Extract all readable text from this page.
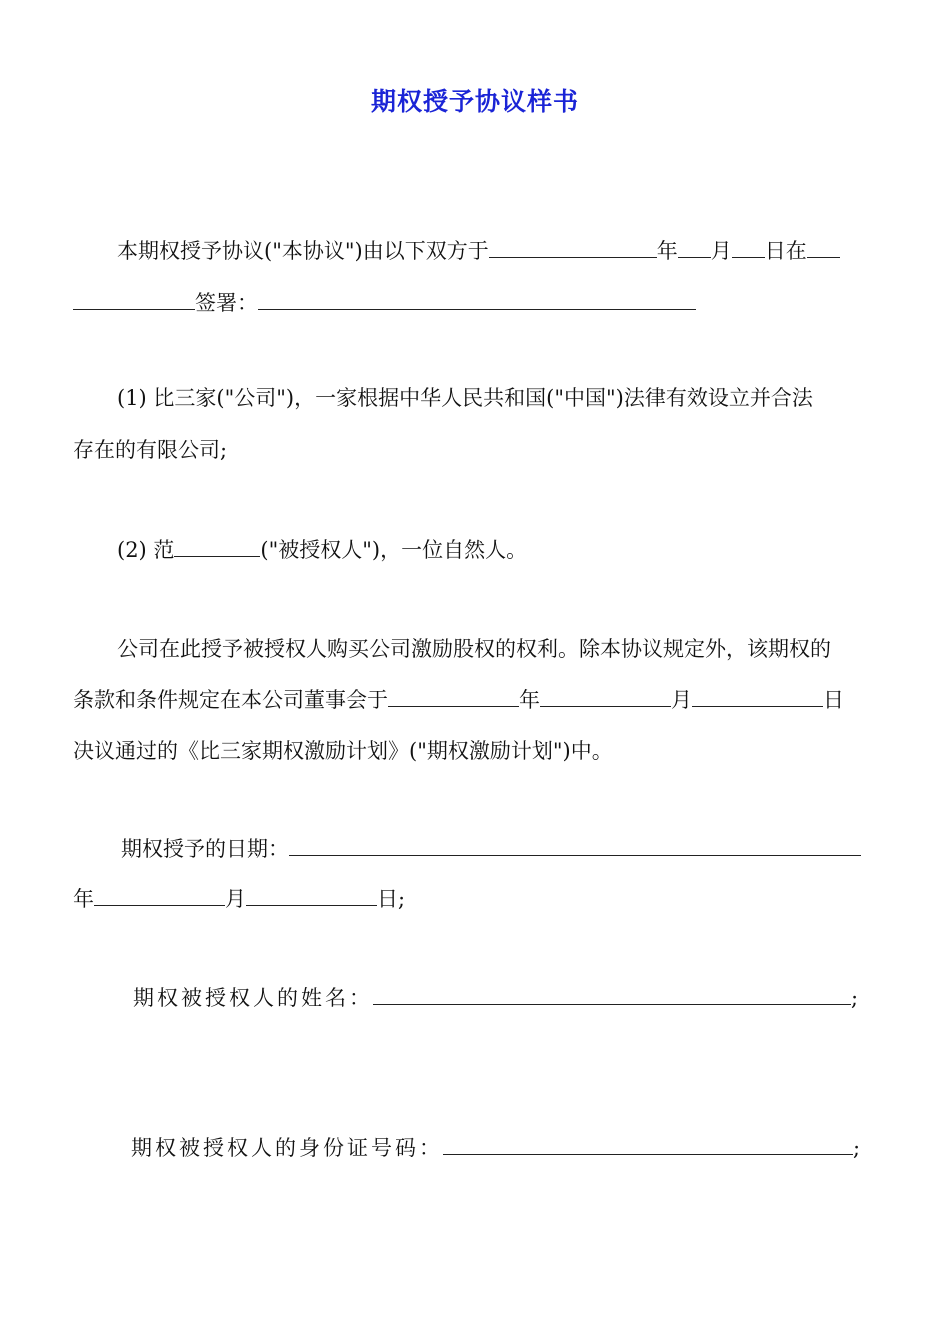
期权授予协议样书
本期权授予协议("本协议")由以下双方于	年 月 日在
签署：
(1) 比三家("公司")，一家根据中华人民共和国("中国")法律有效设立并合法
存在的有限公司;
(2) 范	("被授权人")，一位自然人。
公司在此授予被授权人购买公司激励股权的权利。除本协议规定外，该期权的
条款和条件规定在本公司董事会于	年	月	日
决议通过的《比三家期权激励计划》("期权激励计划")中。
期权授予的日期：
年	月	日;
期权被授权人的姓名：	;
期权被授权人的身份证号码：	;
